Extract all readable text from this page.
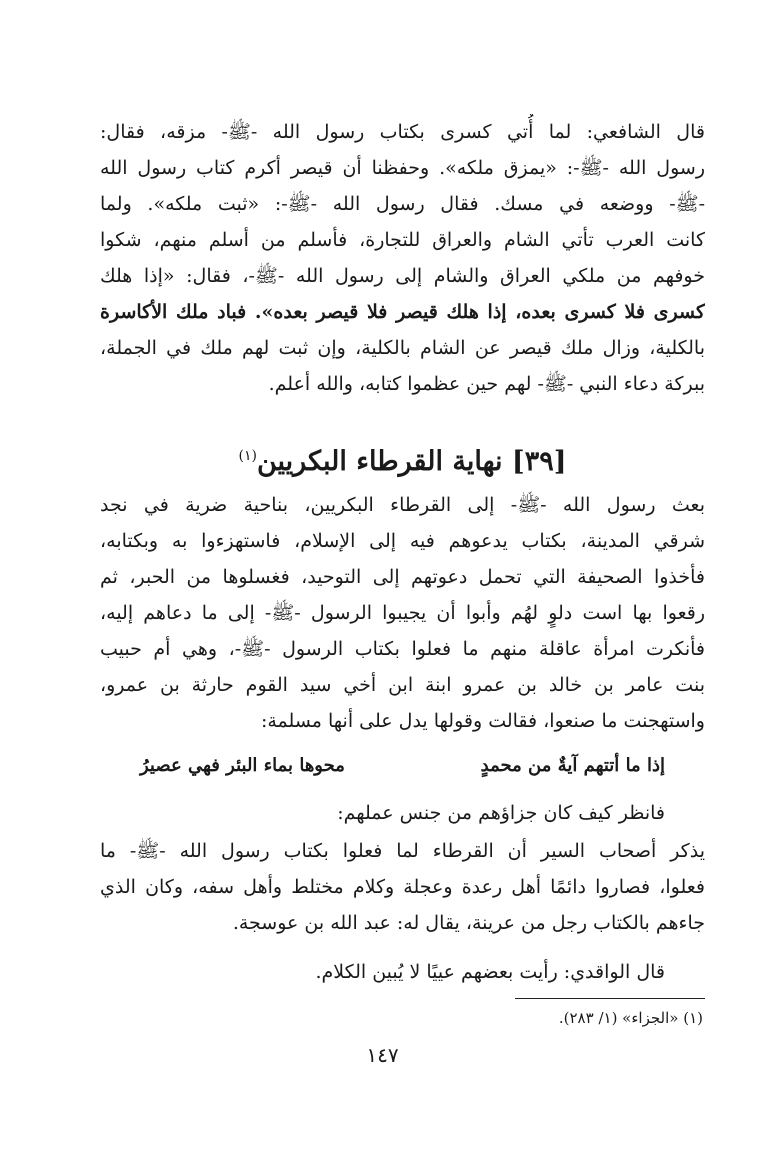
قال الشافعي: لما أُتي كسرى بكتاب رسول الله -ﷺ- مزقه، فقال:
رسول الله -ﷺ-: «يمزق ملكه». وحفظنا أن قيصر أكرم كتاب رسول الله
-ﷺ- ووضعه في مسك. فقال رسول الله -ﷺ-: «ثبت ملكه». ولما
كانت العرب تأتي الشام والعراق للتجارة، فأسلم من أسلم منهم، شكوا
خوفهم من ملكي العراق والشام إلى رسول الله -ﷺ-، فقال: «إذا هلك
كسرى فلا كسرى بعده، إذا هلك قيصر فلا قيصر بعده». فباد ملك الأكاسرة
بالكلية، وزال ملك قيصر عن الشام بالكلية، وإن ثبت لهم ملك في الجملة،
ببركة دعاء النبي -ﷺ- لهم حين عظموا كتابه، والله أعلم.
[٣٩] نهاية القرطاء البكريين$^{(١)}$
بعث رسول الله -ﷺ- إلى القرطاء البكريين، بناحية ضرية في نجد
شرقي المدينة، بكتاب يدعوهم فيه إلى الإسلام، فاستهزءوا به وبكتابه،
فأخذوا الصحيفة التي تحمل دعوتهم إلى التوحيد، فغسلوها من الحبر، ثم
رقعوا بها است دلوٍ لهُم وأبوا أن يجيبوا الرسول -ﷺ- إلى ما دعاهم إليه،
فأنكرت امرأة عاقلة منهم ما فعلوا بكتاب الرسول -ﷺ-، وهي أم حبيب
بنت عامر بن خالد بن عمرو ابنة ابن أخي سيد القوم حارثة بن عمرو،
واستهجنت ما صنعوا، فقالت وقولها يدل على أنها مسلمة:
إذا ما أتتهم آيةٌ من محمدٍ
محوها بماء البئر فهي عصيرُ
فانظر كيف كان جزاؤهم من جنس عملهم:
يذكر أصحاب السير أن القرطاء لما فعلوا بكتاب رسول الله -ﷺ- ما
فعلوا، فصاروا دائمًا أهل رعدة وعجلة وكلام مختلط وأهل سفه، وكان الذي
جاءهم بالكتاب رجل من عرينة، يقال له: عبد الله بن عوسجة.
قال الواقدي: رأيت بعضهم عييًا لا يُبين الكلام.
(١) «الجزاء» (١/ ٢٨٣).
١٤٧
